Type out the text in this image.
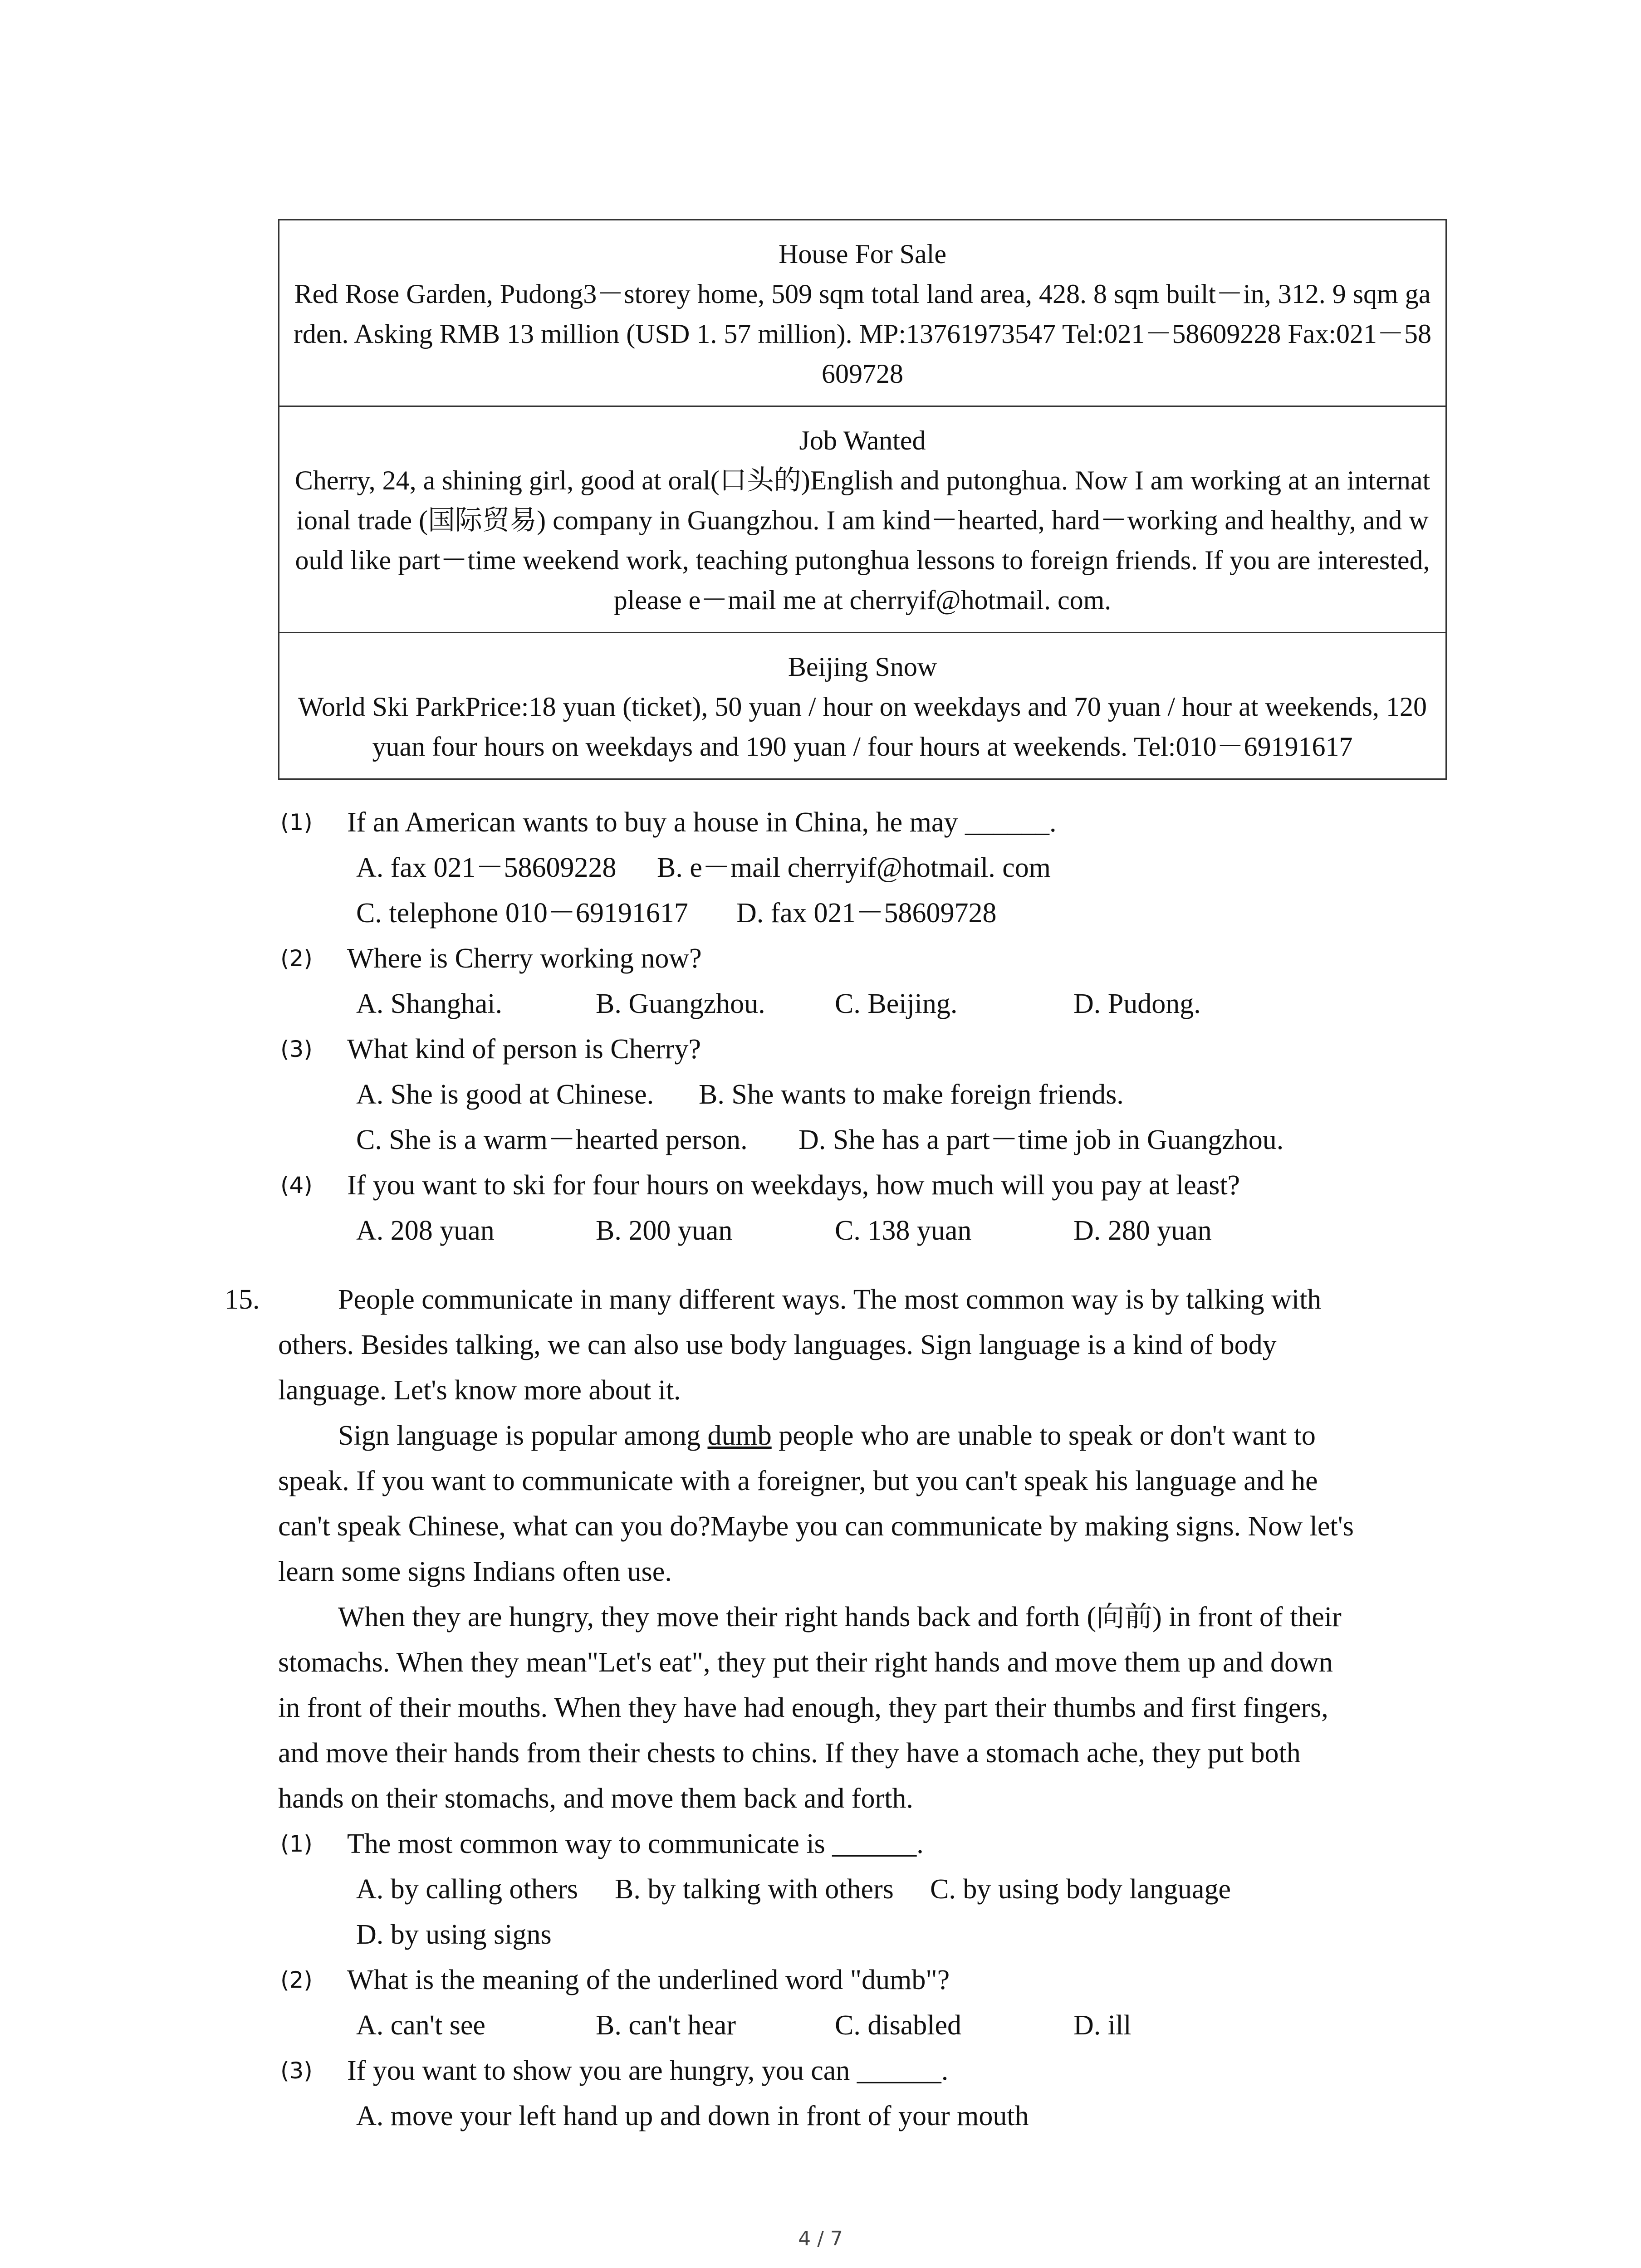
House For Sale
Red Rose Garden, Pudong3－storey home, 509 sqm total land area, 428. 8 sqm built－in, 312. 9 sqm garden. Asking RMB 13 million (USD 1. 57 million). MP:13761973547 Tel:021－58609228 Fax:021－58609728

Job Wanted
Cherry, 24, a shining girl, good at oral(口头的)English and putonghua. Now I am working at an international trade (国际贸易) company in Guangzhou. I am kind－hearted, hard－working and healthy, and would like part－time weekend work, teaching putonghua lessons to foreign friends. If you are interested, please e－mail me at cherryif@hotmail. com.

Beijing Snow
World Ski ParkPrice:18 yuan (ticket), 50 yuan / hour on weekdays and 70 yuan / hour at weekends, 120 yuan four hours on weekdays and 190 yuan / four hours at weekends. Tel:010－69191617
(1) If an American wants to buy a house in China, he may ______.
A. fax 021－58609228 B. e－mail cherryif@hotmail. com
C. telephone 010－69191617 D. fax 021－58609728
(2) Where is Cherry working now?
A. Shanghai.	B. Guangzhou. C. Beijing.	D. Pudong.
(3) What kind of person is Cherry?
A. She is good at Chinese. B. She wants to make foreign friends.
C. She is a warm－hearted person. D. She has a part－time job in Guangzhou.
(4) If you want to ski for four hours on weekdays, how much will you pay at least?
A. 208 yuan	B. 200 yuan	C. 138 yuan	D. 280 yuan
15.	People communicate in many different ways. The most common way is by talking with
others. Besides talking, we can also use body languages. Sign language is a kind of body
language. Let's know more about it.
Sign language is popular among dumb people who are unable to speak or don't want to
speak. If you want to communicate with a foreigner, but you can't speak his language and he
can't speak Chinese, what can you do?Maybe you can communicate by making signs. Now let's
learn some signs Indians often use.
When they are hungry, they move their right hands back and forth (向前) in front of their
stomachs. When they mean"Let's eat", they put their right hands and move them up and down
in front of their mouths. When they have had enough, they part their thumbs and first fingers,
and move their hands from their chests to chins. If they have a stomach ache, they put both
hands on their stomachs, and move them back and forth.
(1) The most common way to communicate is ______.
A. by calling others B. by talking with others C. by using body language
D. by using signs
(2) What is the meaning of the underlined word "dumb"?
A. can't see	B. can't hear	C. disabled	D. ill
(3) If you want to show you are hungry, you can ______.
A. move your left hand up and down in front of your mouth
4 / 7
